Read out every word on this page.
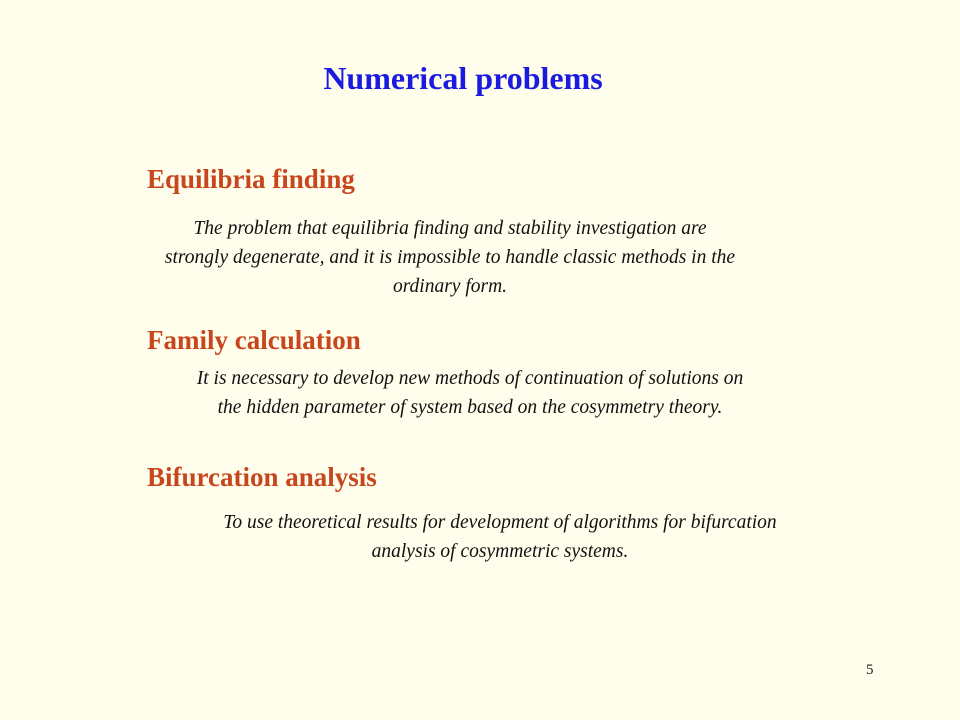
Numerical problems
Equilibria finding
The problem that equilibria finding and stability investigation are
strongly degenerate, and it is impossible to handle classic methods in the
ordinary form.
Family calculation
It is necessary to develop new methods of continuation of solutions on
the hidden parameter of system based on the cosymmetry theory.
Bifurcation analysis
To use theoretical results for development of algorithms for bifurcation
analysis of cosymmetric systems.
5
